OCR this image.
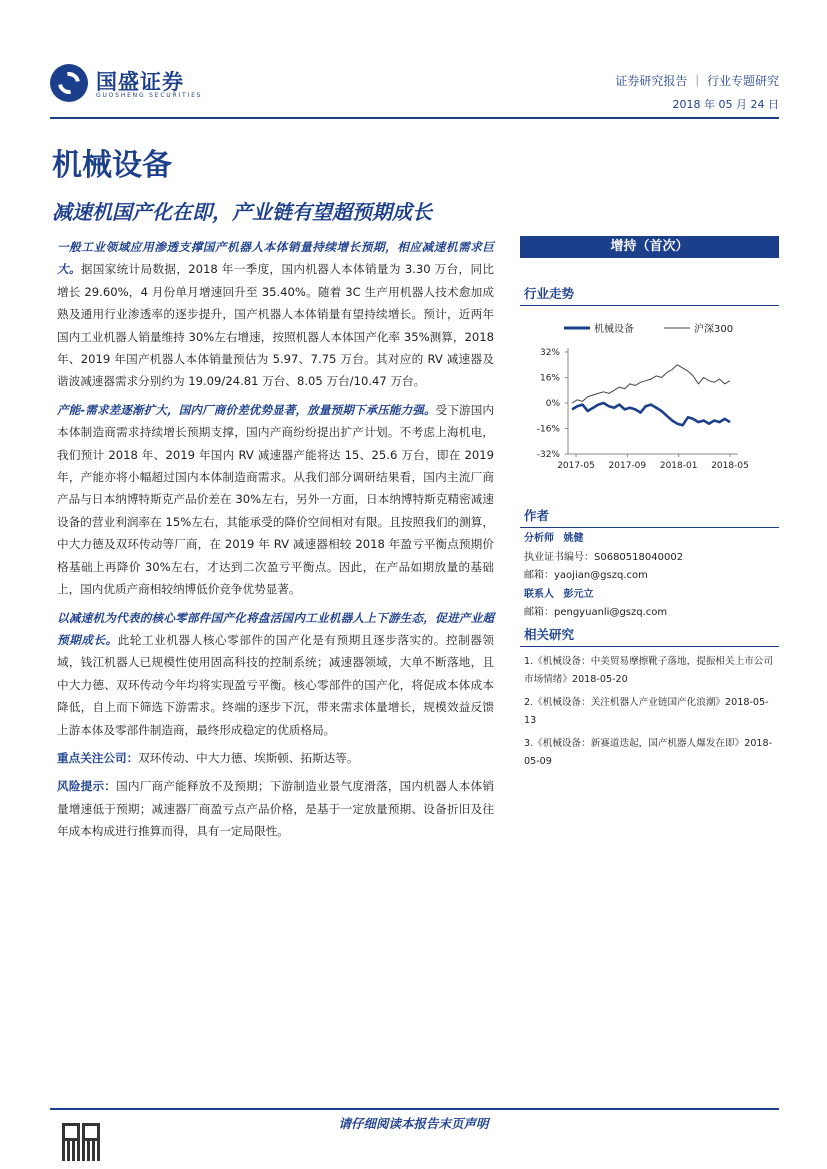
国盛证券
GUOSHENG SECURITIES
证券研究报告 ｜ 行业专题研究
2018 年 05 月 24 日
机械设备
减速机国产化在即，产业链有望超预期成长

一般工业领域应用渗透支撑国产机器人本体销量持续增长预期，相应减速机需求巨大。据国家统计局数据，2018 年一季度，国内机器人本体销量为 3.30 万台，同比增长 29.60%，4 月份单月增速回升至 35.40%。随着 3C 生产用机器人技术愈加成熟及通用行业渗透率的逐步提升，国产机器人本体销量有望持续增长。预计，近两年国内工业机器人销量维持 30%左右增速，按照机器人本体国产化率 35%测算，2018 年、2019 年国产机器人本体销量预估为 5.97、7.75 万台。其对应的 RV 减速器及谐波减速器需求分别约为 19.09/24.81 万台、8.05 万台/10.47 万台。

产能-需求差逐渐扩大，国内厂商价差优势显著，放量预期下承压能力强。受下游国内本体制造商需求持续增长预期支撑，国内产商纷纷提出扩产计划。不考虑上海机电，我们预计 2018 年、2019 年国内 RV 减速器产能将达 15、25.6 万台，即在 2019 年，产能亦将小幅超过国内本体制造商需求。从我们部分调研结果看，国内主流厂商产品与日本纳博特斯克产品价差在 30%左右，另外一方面，日本纳博特斯克精密减速设备的营业利润率在 15%左右，其能承受的降价空间相对有限。且按照我们的测算，中大力德及双环传动等厂商，在 2019 年 RV 减速器相较 2018 年盈亏平衡点预期价格基础上再降价 30%左右，才达到二次盈亏平衡点。因此，在产品如期放量的基础上，国内优质产商相较纳博低价竞争优势显著。

以减速机为代表的核心零部件国产化将盘活国内工业机器人上下游生态，促进产业超预期成长。此轮工业机器人核心零部件的国产化是有预期且逐步落实的。控制器领域，钱江机器人已规模性使用固高科技的控制系统；减速器领域，大单不断落地，且中大力德、双环传动今年均将实现盈亏平衡。核心零部件的国产化，将促成本体成本降低，自上而下筛选下游需求。终端的逐步下沉，带来需求体量增长，规模效益反馈上游本体及零部件制造商，最终形成稳定的优质格局。

重点关注公司：双环传动、中大力德、埃斯顿、拓斯达等。

风险提示：国内厂商产能释放不及预期；下游制造业景气度滑落，国内机器人本体销量增速低于预期；减速器厂商盈亏点产品价格，是基于一定放量预期、设备折旧及往年成本构成进行推算而得，具有一定局限性。

增持（首次）
行业走势
机械设备	沪深300
32%
16%
0%
-16%
-32%
2017-05 2017-09 2018-01 2018-05
作者
分析师 姚健
执业证书编号：S0680518040002
邮箱：yaojian@gszq.com
联系人 彭元立
邮箱：pengyuanli@gszq.com
相关研究
1.《机械设备：中美贸易摩擦靴子落地，提振相关上市公司市场情绪》2018-05-20
2.《机械设备：关注机器人产业链国产化浪潮》2018-05-13
3.《机械设备：新赛道迭起，国产机器人爆发在即》2018-05-09
请仔细阅读本报告末页声明
